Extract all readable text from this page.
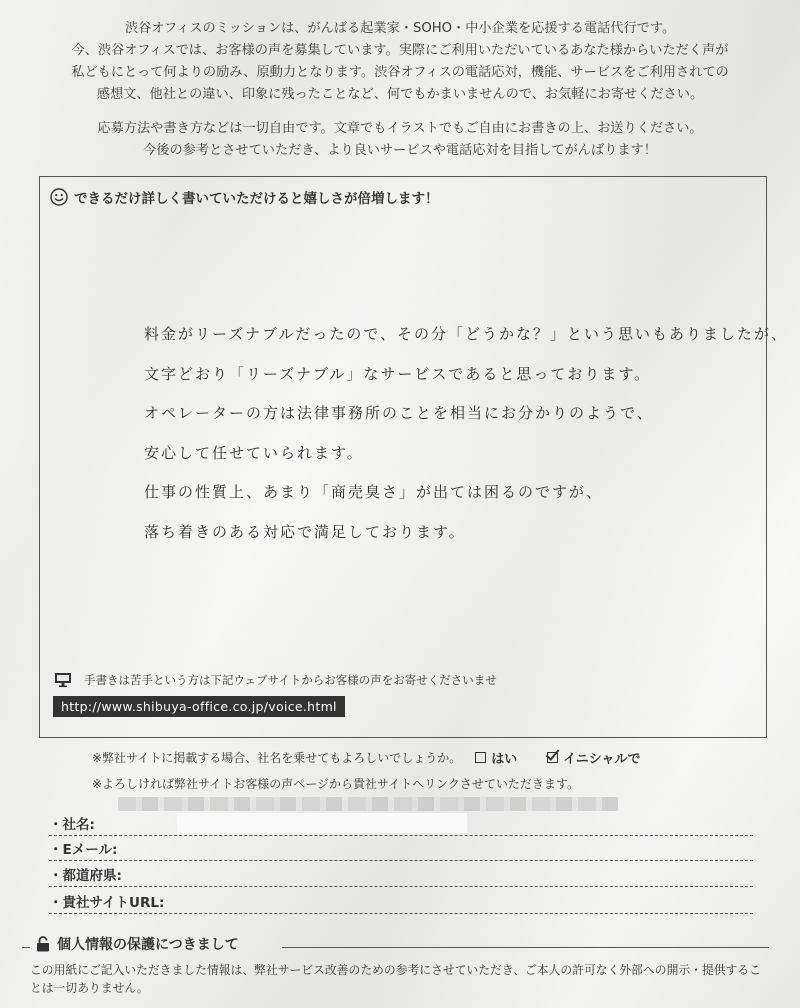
渋谷オフィスのミッションは、がんばる起業家・SOHO・中小企業を応援する電話代行です。

今、渋谷オフィスでは、お客様の声を募集しています。実際にご利用いただいているあなた様からいただく声が

私どもにとって何よりの励み、原動力となります。渋谷オフィスの電話応対，機能、サービスをご利用されての

感想文、他社との違い、印象に残ったことなど、何でもかまいませんので、お気軽にお寄せください。

応募方法や書き方などは一切自由です。文章でもイラストでもご自由にお書きの上、お送りください。

今後の参考とさせていただき、より良いサービスや電話応対を目指してがんばります！

できるだけ詳しく書いていただけると嬉しさが倍増します！
料金がリーズナブルだったので、その分「どうかな？」という思いもありましたが、
文字どおり「リーズナブル」なサービスであると思っております。
オペレーターの方は法律事務所のことを相当にお分かりのようで、
安心して任せていられます。
仕事の性質上、あまり「商売臭さ」が出ては困るのですが、
落ち着きのある対応で満足しております。
手書きは苦手という方は下記ウェブサイトからお客様の声をお寄せくださいませ
http://www.shibuya-office.co.jp/voice.html
※弊社サイトに掲載する場合、社名を乗せてもよろしいでしょうか。 はい	イニシャルで
※よろしければ弊社サイトお客様の声ページから貴社サイトへリンクさせていただきます。
・社名:
・Eメール:
・都道府県:
・貴社サイトURL:
個人情報の保護につきまして
この用紙にご記入いただきました情報は、弊社サービス改善のための参考にさせていただき、ご本人の許可なく外部への開示・提供することは一切ありません。
